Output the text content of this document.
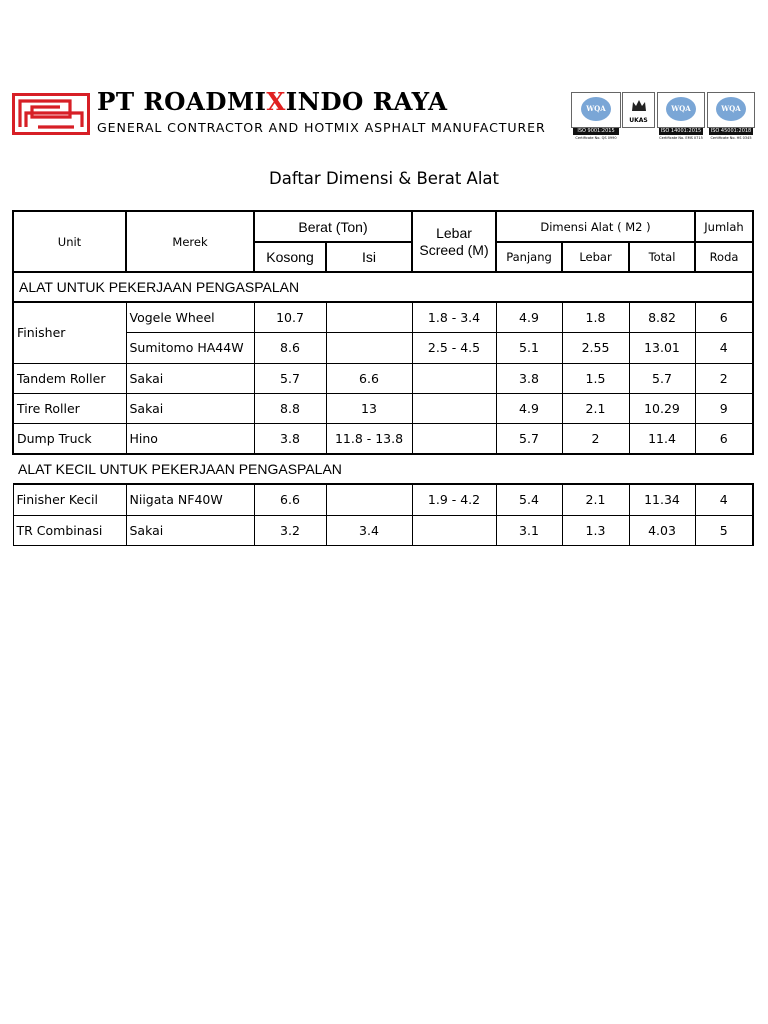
PT ROADMIXINDO RAYA
GENERAL CONTRACTOR AND HOTMIX ASPHALT MANUFACTURER
WQA
ISO 9001:2015
Certificate No. QS 0990
UKAS
WQA
ISO 14001:2015
Certificate No. EMS 0715
WQA
ISO 45001:2018
Certificate No. HS 0345
Daftar Dimensi & Berat Alat
Unit	Merek	Berat (Ton)		Lebar
Screed (M)	Dimensi Alat ( M2 )			Jumlah
		Kosong	Isi		Panjang	Lebar	Total	Roda
ALAT UNTUK PEKERJAAN PENGASPALAN								
Finisher	Vogele Wheel	10.7		1.8 - 3.4	4.9	1.8	8.82	6
	Sumitomo HA44W	8.6		2.5 - 4.5	5.1	2.55	13.01	4
Tandem Roller	Sakai	5.7	6.6		3.8	1.5	5.7	2
Tire Roller	Sakai	8.8	13		4.9	2.1	10.29	9
Dump Truck	Hino	3.8	11.8 - 13.8		5.7	2	11.4	6
ALAT KECIL UNTUK PEKERJAAN PENGASPALAN								
Finisher Kecil	Niigata NF40W	6.6		1.9 - 4.2	5.4	2.1	11.34	4
TR Combinasi	Sakai	3.2	3.4		3.1	1.3	4.03	5
